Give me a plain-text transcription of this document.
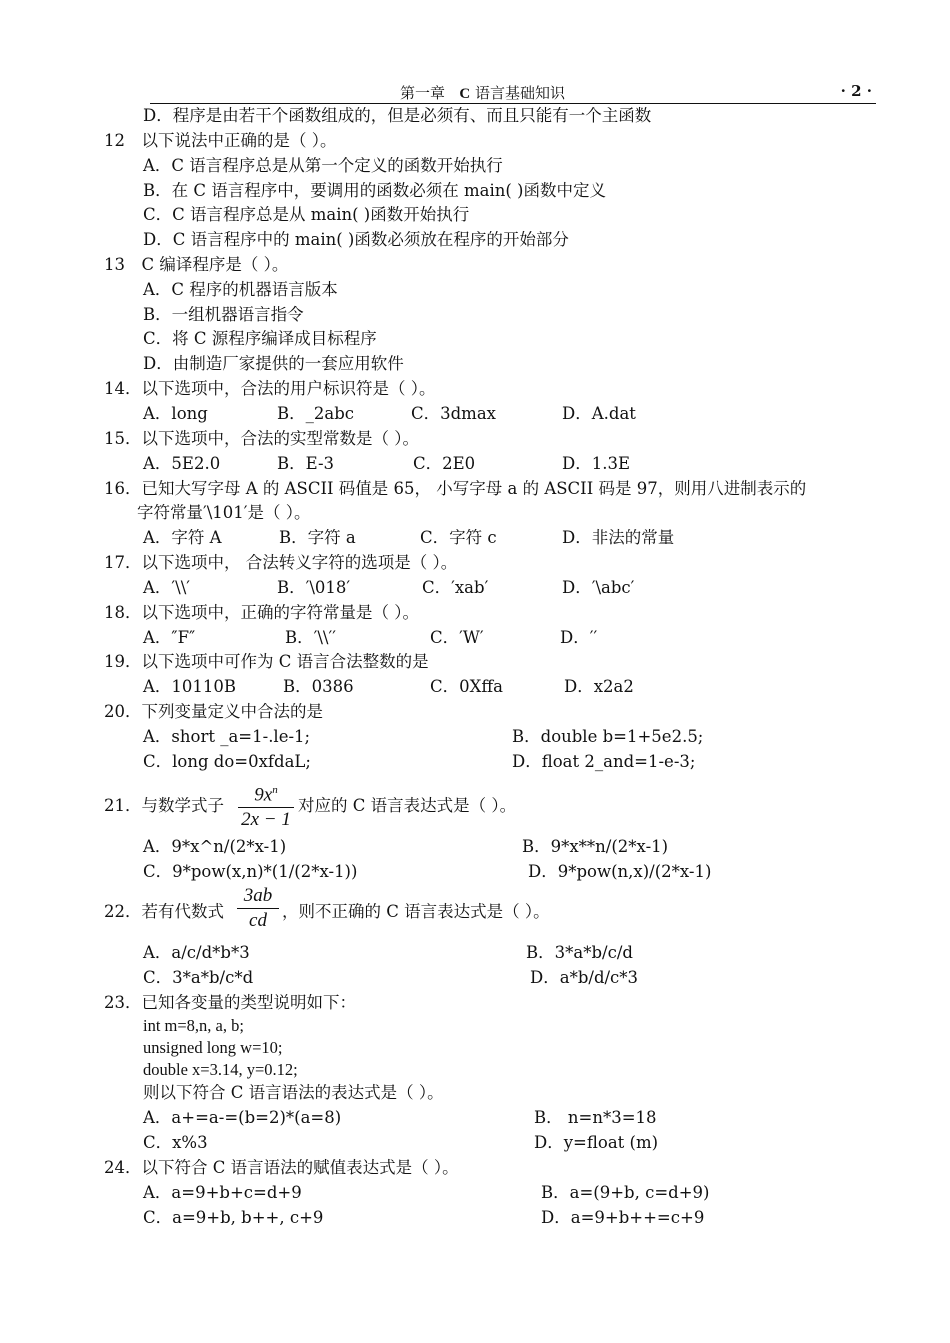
第一章 C 语言基础知识	· 2 ·
D．程序是由若干个函数组成的，但是必须有、而且只能有一个主函数
12　以下说法中正确的是（ ）。
A．C 语言程序总是从第一个定义的函数开始执行
B．在 C 语言程序中，要调用的函数必须在 main( )函数中定义
C．C 语言程序总是从 main( )函数开始执行
D．C 语言程序中的 main( )函数必须放在程序的开始部分
13　C 编译程序是（ ）。
A．C 程序的机器语言版本
B．一组机器语言指令
C．将 C 源程序编译成目标程序
D．由制造厂家提供的一套应用软件
14．以下选项中，合法的用户标识符是（ ）。
A．long	B．_2abc	C．3dmax	D．A.dat
15．以下选项中，合法的实型常数是（ ）。
A．5E2.0	B．E-3	C．2E0	D．1.3E
16．已知大写字母 A 的 ASCII 码值是 65， 小写字母 a 的 ASCII 码是 97，则用八进制表示的
字符常量′\101′是（ ）。
A．字符 A	B．字符 a	C．字符 c	D．非法的常量
17．以下选项中， 合法转义字符的选项是（ ）。
A．′\\′	B．′\018′	C．′xab′	D．′\abc′
18．以下选项中，正确的字符常量是（ ）。
A．″F″	B．′\\′′	C．′W′	D．′′
19．以下选项中可作为 C 语言合法整数的是
A．10110B	B．0386	C．0Xffa	D．x2a2
20．下列变量定义中合法的是
A．short _a=1-.le-1;	B．double b=1+5e2.5;
C．long do=0xfdaL;	D．float 2_and=1-e-3;
21．与数学式子
$9x^n$
2x − 1
对应的 C 语言表达式是（ ）。
A．9*x^n/(2*x-1)	B．9*x**n/(2*x-1)
C．9*pow(x,n)*(1/(2*x-1))	D．9*pow(n,x)/(2*x-1)
22．若有代数式
3ab
cd ，则不正确的 C 语言表达式是（ ）。
A．a/c/d*b*3	B．3*a*b/c/d
C．3*a*b/c*d	D．a*b/d/c*3
23．已知各变量的类型说明如下：
int m=8,n, a, b;
unsigned long w=10;
double x=3.14, y=0.12;
则以下符合 C 语言语法的表达式是（ ）。
A．a+=a-=(b=2)*(a=8)	B． n=n*3=18
C．x%3	D．y=float (m)
24．以下符合 C 语言语法的赋值表达式是（ ）。
A．a=9+b+c=d+9	B．a=(9+b, c=d+9)
C．a=9+b, b++, c+9	D．a=9+b++=c+9
